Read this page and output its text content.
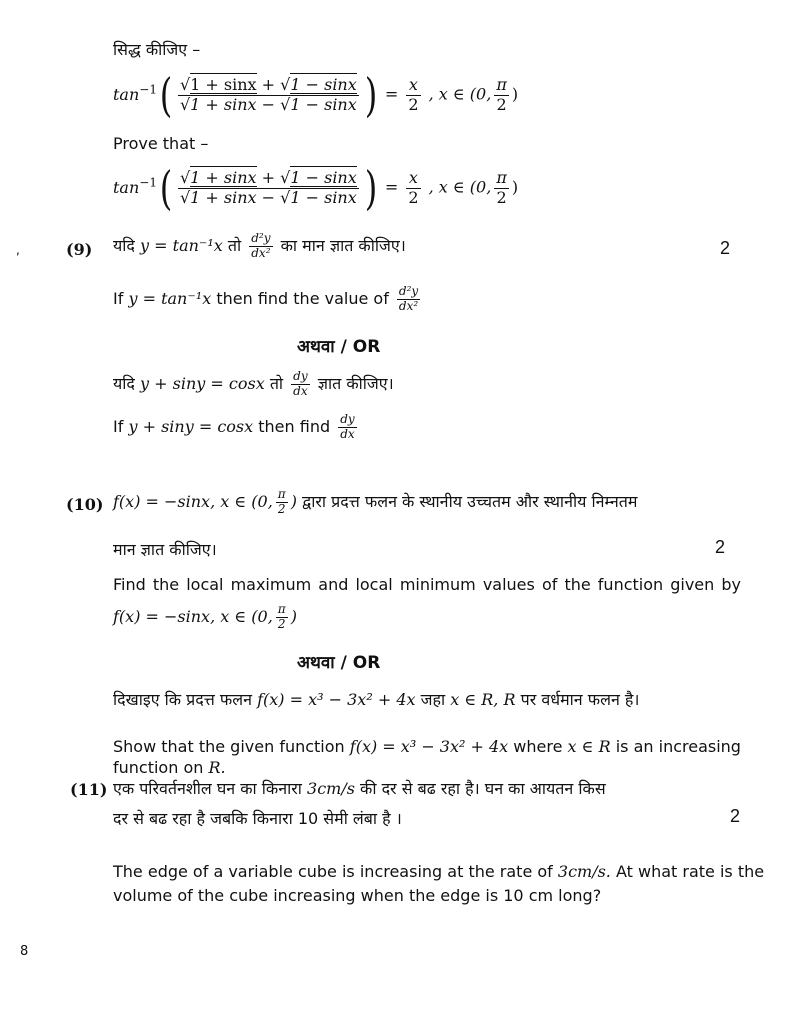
सिद्ध कीजिए –
$\tan^{-1}( \frac{√1 + \sin x + √1 - \sin x}{√1 + \sin x - √1 - \sin x}$ ) = $\frac{x}{2}$ , x ∈ (0, $\frac{\pi}{2}$ )
Prove that –
$\tan^{-1}( \frac{√1 + \sin x + √1 - \sin x}{√1 + \sin x - √1 - \sin x}$ ) = $\frac{x}{2}$ , x ∈ (0, $\frac{\pi}{2}$ )
,	(9) यदि y = tan⁻¹x तो $\frac{\text{d²y}}{\text{dx²}}$ का मान ज्ञात कीजिए।	2
If y = tan⁻¹x then find the value of $\frac{\text{d²y}}{\text{dx²}}$
अथवा / OR
यदि y + siny = cosx तो $\frac{dy}{dx}$ ज्ञात कीजिए।
If y + siny = cosx then find $\frac{dy}{dx}$
(10) f(x) = −sinx, x ∈ (0, $\frac{\pi}{2}$ ) द्वारा प्रदत्त फलन के स्थानीय उच्चतम और स्थानीय निम्नतम
मान ज्ञात कीजिए।	2
Find the local maximum and local minimum values of the function given by
f(x) = −sinx, x ∈ (0, $\frac{\pi}{2}$ )
अथवा / OR
दिखाइए कि प्रदत्त फलन f(x) = x³ − 3x² + 4x जहा x ∈ R, R पर वर्धमान फलन है।
Show that the given function f(x) = x³ − 3x² + 4x where x ∈ R is an increasing
function on R.
(11) एक परिवर्तनशील घन का किनारा 3cm/s की दर से बढ रहा है। घन का आयतन किस
दर से बढ रहा है जबकि किनारा 10 सेमी लंबा है ।	2
The edge of a variable cube is increasing at the rate of 3cm/s. At what rate is the
volume of the cube increasing when the edge is 10 cm long?
8
